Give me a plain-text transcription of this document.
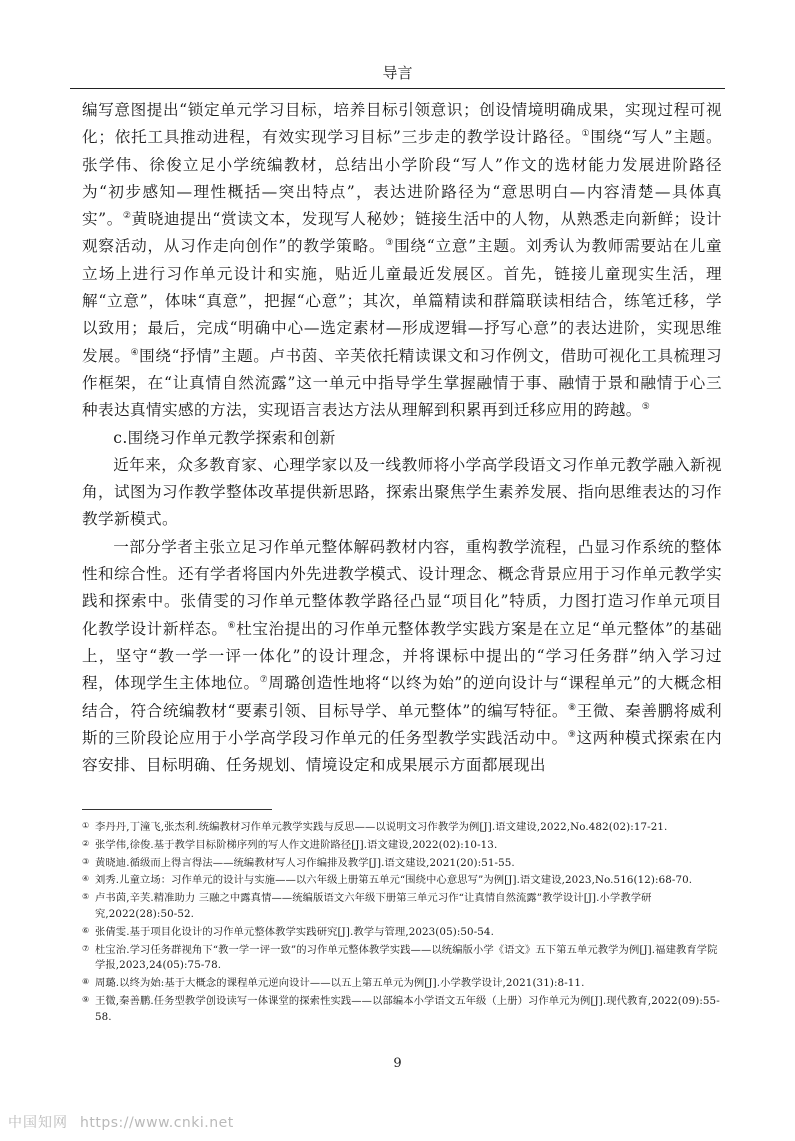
导言

编写意图提出“锁定单元学习目标，培养目标引领意识；创设情境明确成果，实现过程可视化；依托工具推动进程，有效实现学习目标”三步走的教学设计路径。①围绕“写人”主题。张学伟、徐俊立足小学统编教材，总结出小学阶段“写人”作文的选材能力发展进阶路径为“初步感知—理性概括—突出特点”，表达进阶路径为“意思明白—内容清楚—具体真实”。②黄晓迪提出“赏读文本，发现写人秘妙；链接生活中的人物，从熟悉走向新鲜；设计观察活动，从习作走向创作”的教学策略。③围绕“立意”主题。刘秀认为教师需要站在儿童立场上进行习作单元设计和实施，贴近儿童最近发展区。首先，链接儿童现实生活，理解“立意”，体味“真意”，把握“心意”；其次，单篇精读和群篇联读相结合，练笔迁移，学以致用；最后，完成“明确中心—选定素材—形成逻辑—抒写心意”的表达进阶，实现思维发展。④围绕“抒情”主题。卢书茵、辛芙依托精读课文和习作例文，借助可视化工具梳理习作框架，在“让真情自然流露”这一单元中指导学生掌握融情于事、融情于景和融情于心三种表达真情实感的方法，实现语言表达方法从理解到积累再到迁移应用的跨越。⑤

c.围绕习作单元教学探索和创新

近年来，众多教育家、心理学家以及一线教师将小学高学段语文习作单元教学融入新视角，试图为习作教学整体改革提供新思路，探索出聚焦学生素养发展、指向思维表达的习作教学新模式。

一部分学者主张立足习作单元整体解码教材内容，重构教学流程，凸显习作系统的整体性和综合性。还有学者将国内外先进教学模式、设计理念、概念背景应用于习作单元教学实践和探索中。张倩雯的习作单元整体教学路径凸显“项目化”特质，力图打造习作单元项目化教学设计新样态。⑥杜宝治提出的习作单元整体教学实践方案是在立足“单元整体”的基础上，坚守“教一学一评一体化”的设计理念，并将课标中提出的“学习任务群”纳入学习过程，体现学生主体地位。⑦周璐创造性地将“以终为始”的逆向设计与“课程单元”的大概念相结合，符合统编教材“要素引领、目标导学、单元整体”的编写特征。⑧王微、秦善鹏将威利斯的三阶段论应用于小学高学段习作单元的任务型教学实践活动中。⑨这两种模式探索在内容安排、目标明确、任务规划、情境设定和成果展示方面都展现出

① 李丹丹,丁潼飞,张杰利.统编教材习作单元教学实践与反思——以说明文习作教学为例[J].语文建设,2022,No.482(02):17-21.
② 张学伟,徐俊.基于教学目标阶梯序列的写人作文进阶路径[J].语文建设,2022(02):10-13.
③ 黄晓迪.循级而上得言得法——统编教材写人习作编排及教学[J].语文建设,2021(20):51-55.
④ 刘秀.儿童立场：习作单元的设计与实施——以六年级上册第五单元“围绕中心意思写”为例[J].语文建设,2023,No.516(12):68-70.
⑤ 卢书茵,辛芙.精准助力 三融之中露真情——统编版语文六年级下册第三单元习作“让真情自然流露”教学设计[J].小学教学研究,2022(28):50-52.
⑥ 张倩雯.基于项目化设计的习作单元整体教学实践研究[J].教学与管理,2023(05):50-54.
⑦ 杜宝治.学习任务群视角下“教一学一评一致”的习作单元整体教学实践——以统编版小学《语文》五下第五单元教学为例[J].福建教育学院学报,2023,24(05):75-78.
⑧ 周璐.以终为始:基于大概念的课程单元逆向设计——以五上第五单元为例[J].小学教学设计,2021(31):8-11.
⑨ 王微,秦善鹏.任务型教学创设读写一体课堂的探索性实践——以部编本小学语文五年级（上册）习作单元为例[J].现代教育,2022(09):55-58.
9
中国知网 https://www.cnki.net
